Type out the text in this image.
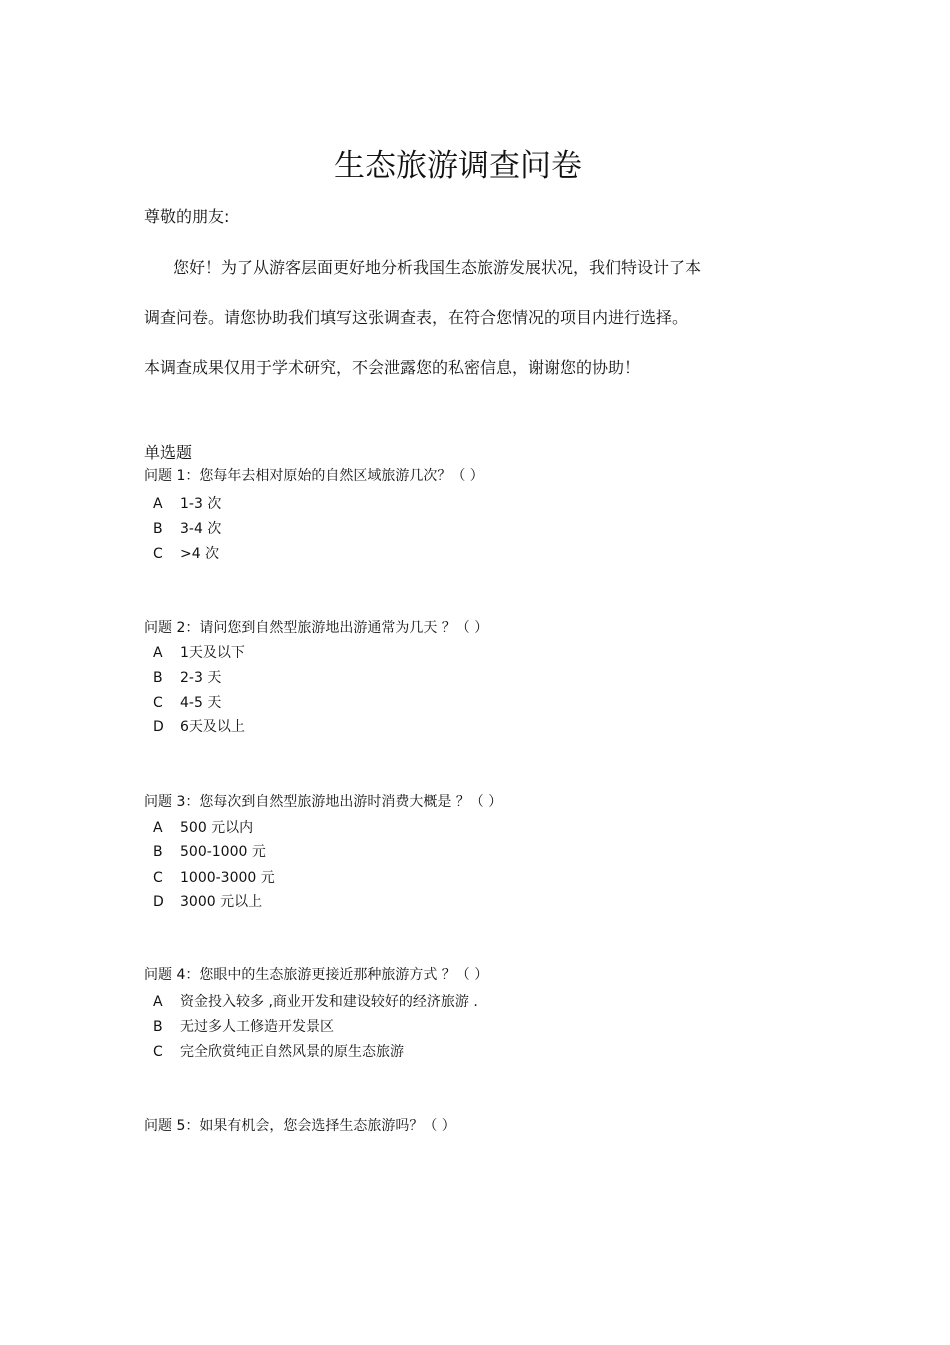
生态旅游调查问卷
尊敬的朋友:
您好！为了从游客层面更好地分析我国生态旅游发展状况，我们特设计了本
调查问卷。请您协助我们填写这张调查表，在符合您情况的项目内进行选择。
本调查成果仅用于学术研究，不会泄露您的私密信息，谢谢您的协助！
单选题
问题 1：您每年去相对原始的自然区域旅游几次？（ ）
A 1-3 次
B 3-4 次
C >4 次
问题 2：请问您到自然型旅游地出游通常为几天 ？（ ）
A 1天及以下
B 2-3 天
C 4-5 天
D 6天及以上
问题 3：您每次到自然型旅游地出游时消费大概是 ？（ ）
A 500 元以内
B 500-1000 元
C 1000-3000 元
D 3000 元以上
问题 4：您眼中的生态旅游更接近那种旅游方式 ？（ ）
A 资金投入较多 ,商业开发和建设较好的经济旅游 .
B 无过多人工修造开发景区
C 完全欣赏纯正自然风景的原生态旅游
问题 5：如果有机会，您会选择生态旅游吗？（ ）
